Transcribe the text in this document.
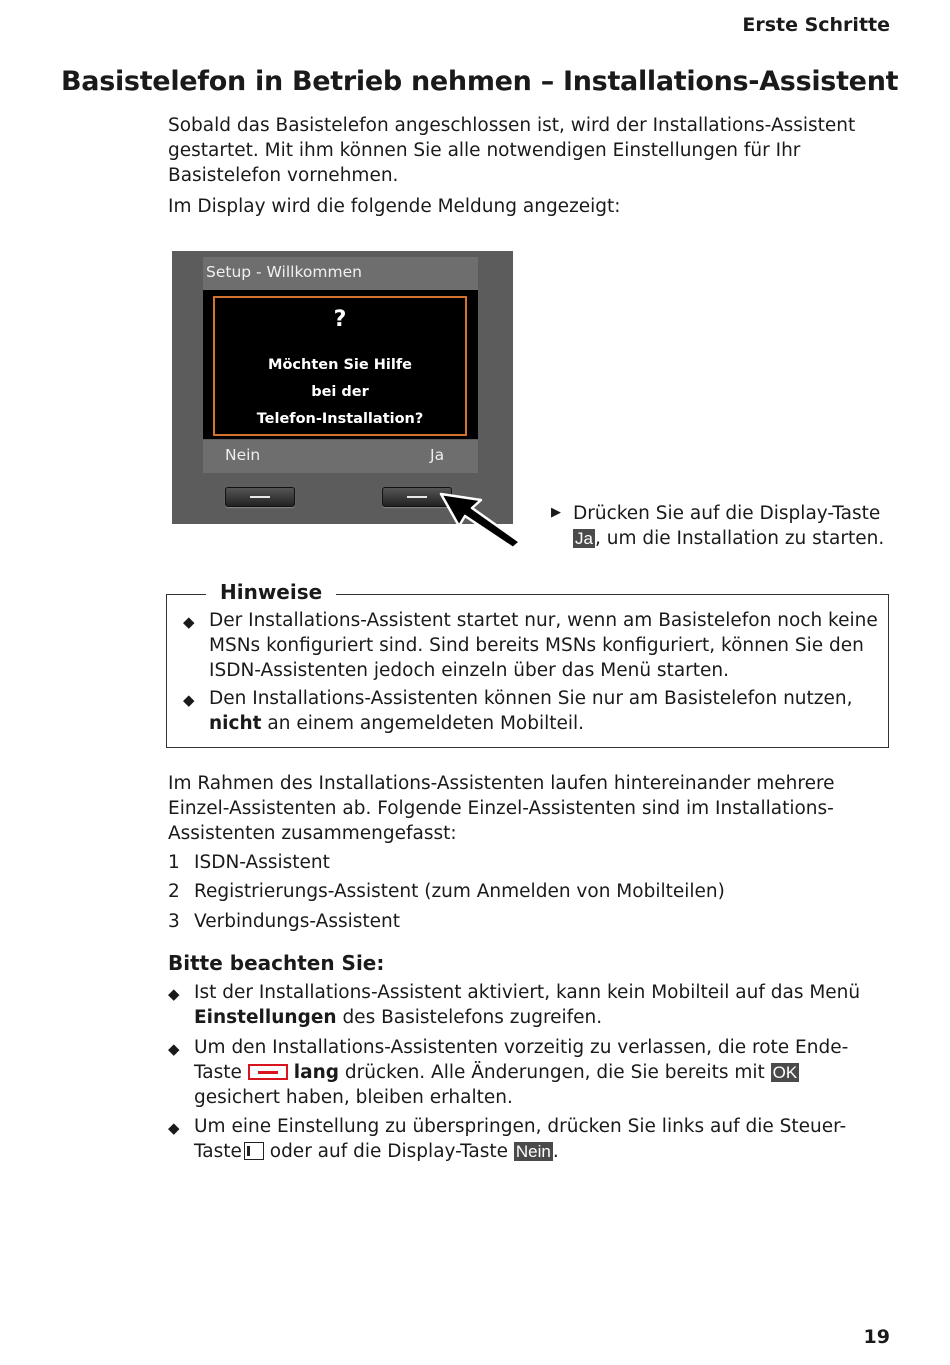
Erste Schritte
Basistelefon in Betrieb nehmen – Installations-Assistent
Sobald das Basistelefon angeschlossen ist, wird der Installations-Assistent gestartet. Mit ihm können Sie alle notwendigen Einstellungen für Ihr Basistelefon vornehmen.
Im Display wird die folgende Meldung angezeigt:
Setup - Willkommen
?
Möchten Sie Hilfe
bei der
Telefon-Installation?
Nein	Ja
▶ Drücken Sie auf die Display-Taste Ja , um die Installation zu starten.
Hinweise
◆ Der Installations-Assistent startet nur, wenn am Basistelefon noch keine MSNs konfiguriert sind. Sind bereits MSNs konfiguriert, können Sie den ISDN-Assistenten jedoch einzeln über das Menü starten.
◆ Den Installations-Assistenten können Sie nur am Basistelefon nutzen, nicht an einem angemeldeten Mobilteil.
Im Rahmen des Installations-Assistenten laufen hintereinander mehrere Einzel-Assistenten ab. Folgende Einzel-Assistenten sind im Installations-Assistenten zusammengefasst:
1 ISDN-Assistent
2 Registrierungs-Assistent (zum Anmelden von Mobilteilen)
3 Verbindungs-Assistent
Bitte beachten Sie:
◆ Ist der Installations-Assistent aktiviert, kann kein Mobilteil auf das Menü Einstellungen des Basistelefons zugreifen.
◆ Um den Installations-Assistenten vorzeitig zu verlassen, die rote Ende-Taste	lang drücken. Alle Änderungen, die Sie bereits mit OK gesichert haben, bleiben erhalten.
◆ Um eine Einstellung zu überspringen, drücken Sie links auf die Steuer-Taste oder auf die Display-Taste Nein .
19
